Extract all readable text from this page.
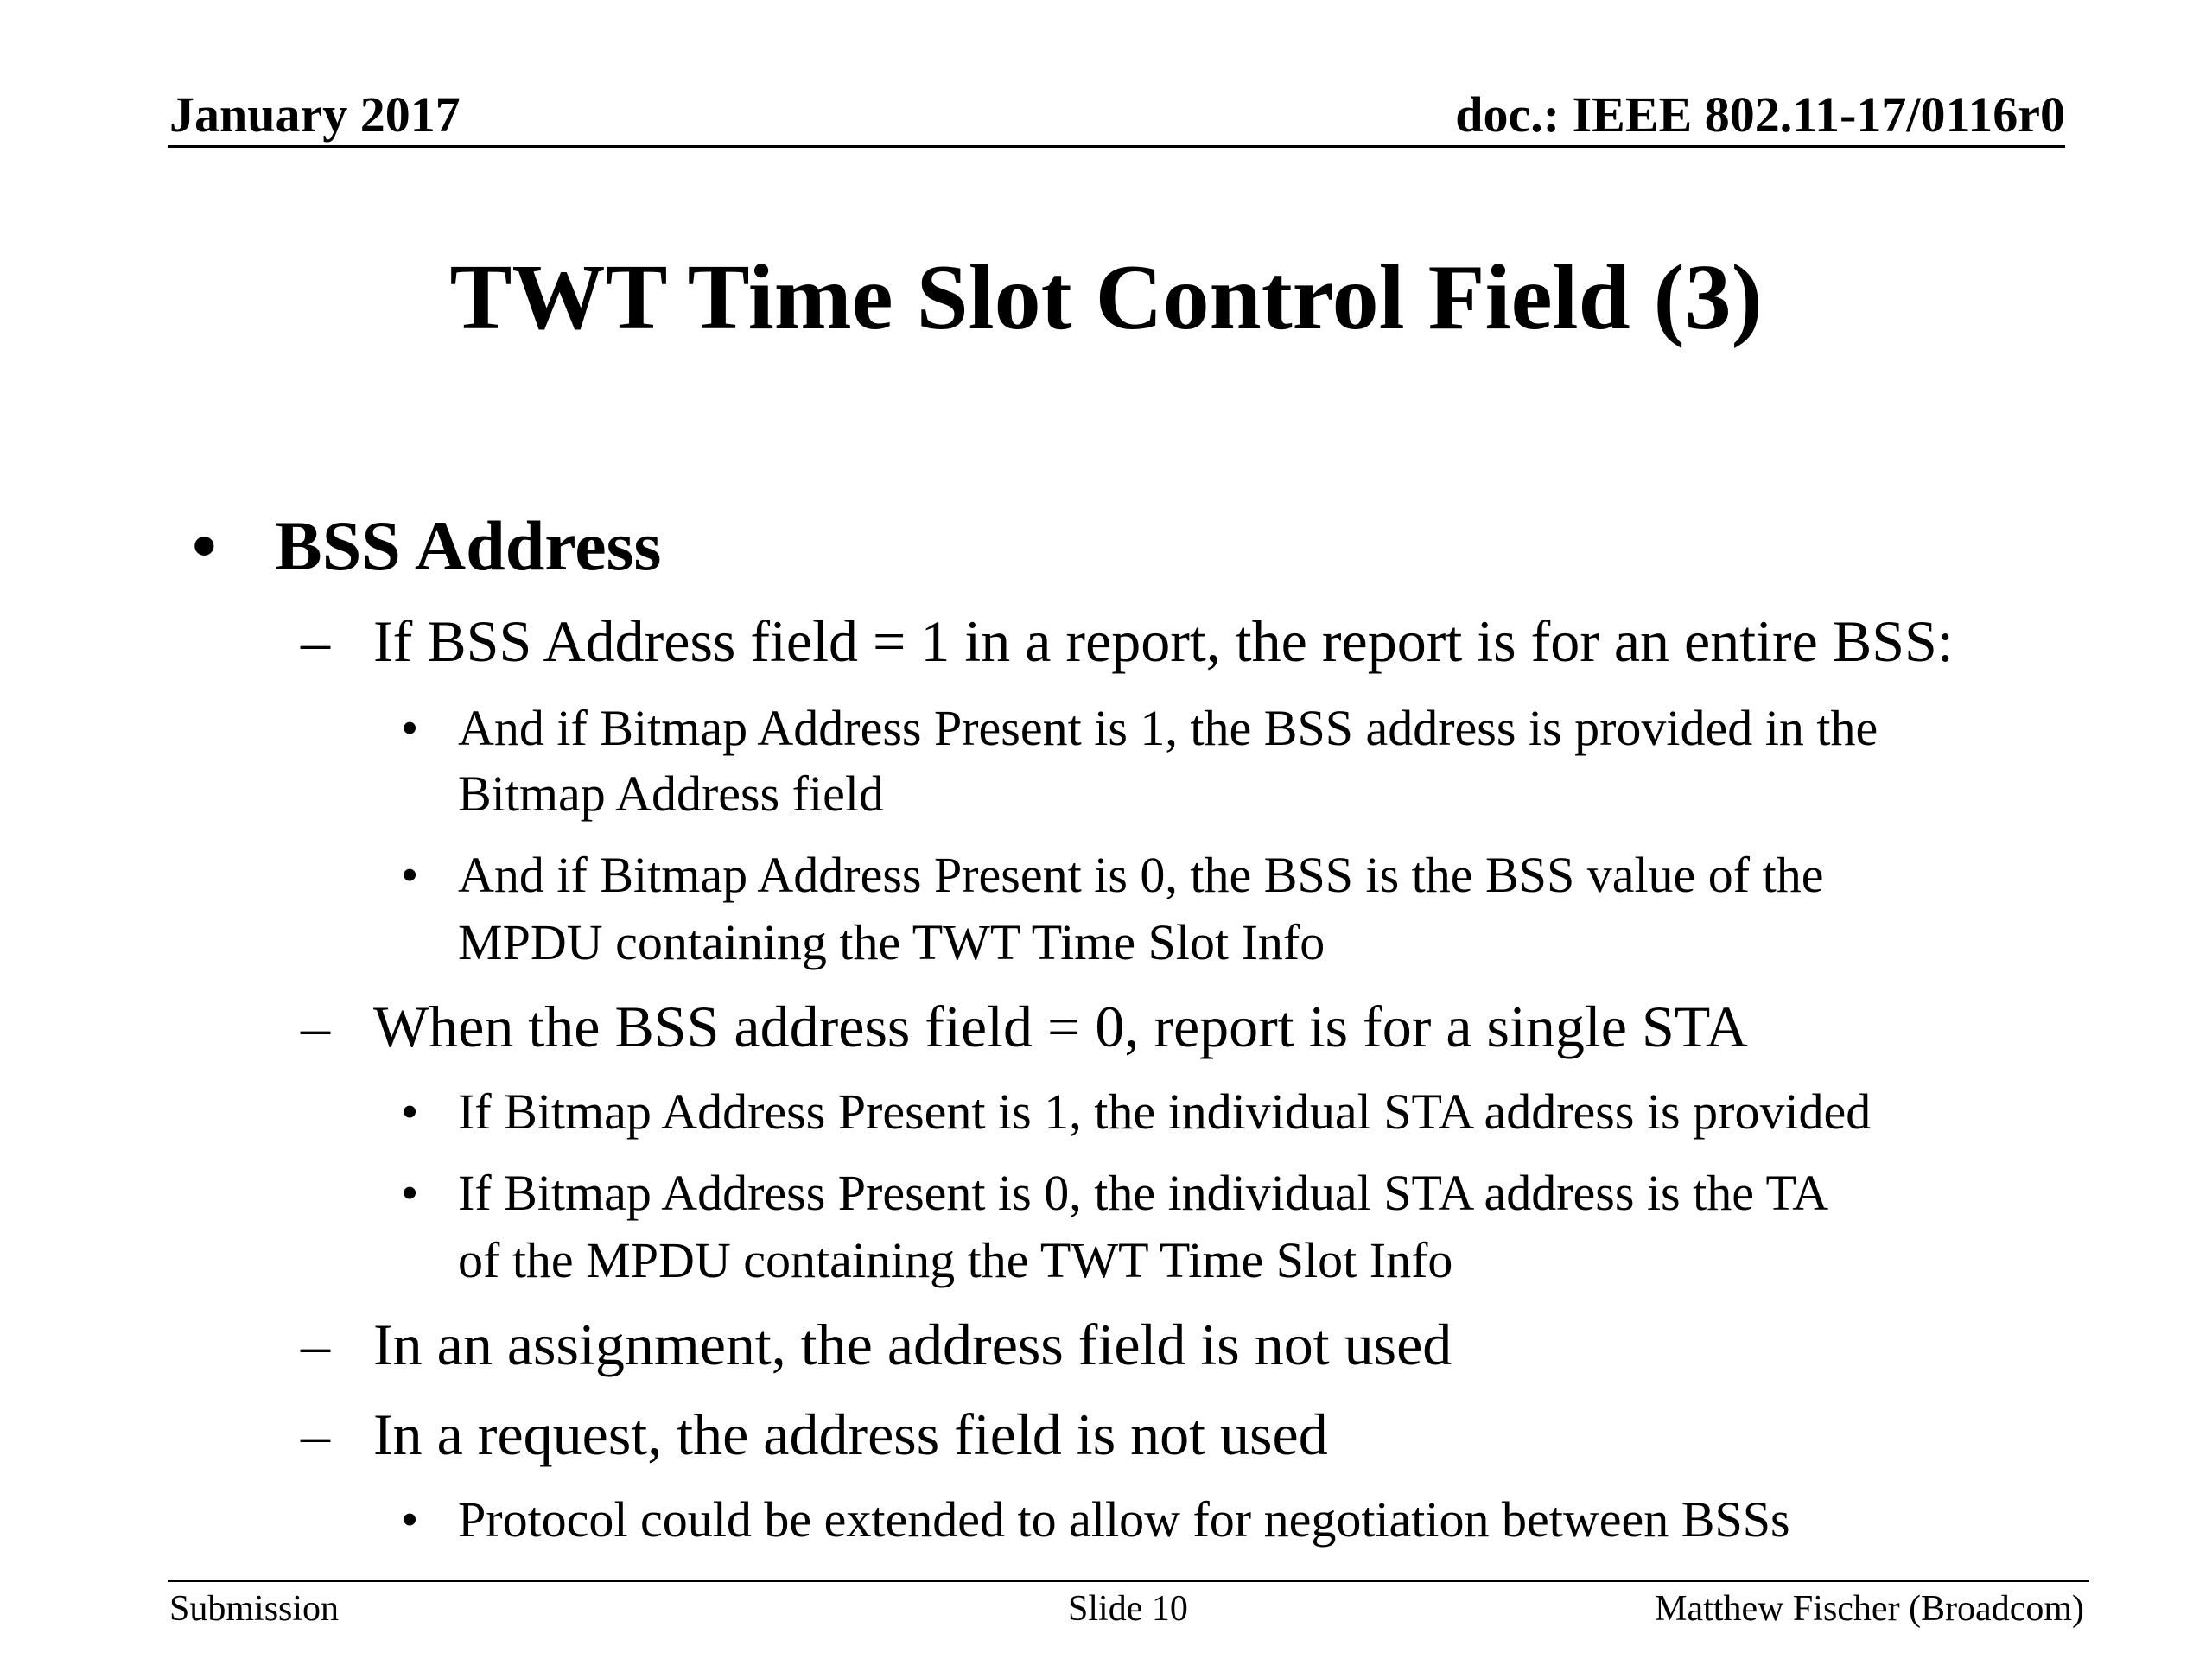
January 2017	doc.: IEEE 802.11-17/0116r0
TWT Time Slot Control Field (3)
• BSS Address
– If BSS Address field = 1 in a report, the report is for an entire BSS:
• And if Bitmap Address Present is 1, the BSS address is provided in the
Bitmap Address field
• And if Bitmap Address Present is 0, the BSS is the BSS value of the
MPDU containing the TWT Time Slot Info
– When the BSS address field = 0, report is for a single STA
• If Bitmap Address Present is 1, the individual STA address is provided
• If Bitmap Address Present is 0, the individual STA address is the TA
of the MPDU containing the TWT Time Slot Info
– In an assignment, the address field is not used
– In a request, the address field is not used
• Protocol could be extended to allow for negotiation between BSSs
Submission	Slide 10	Matthew Fischer (Broadcom)
